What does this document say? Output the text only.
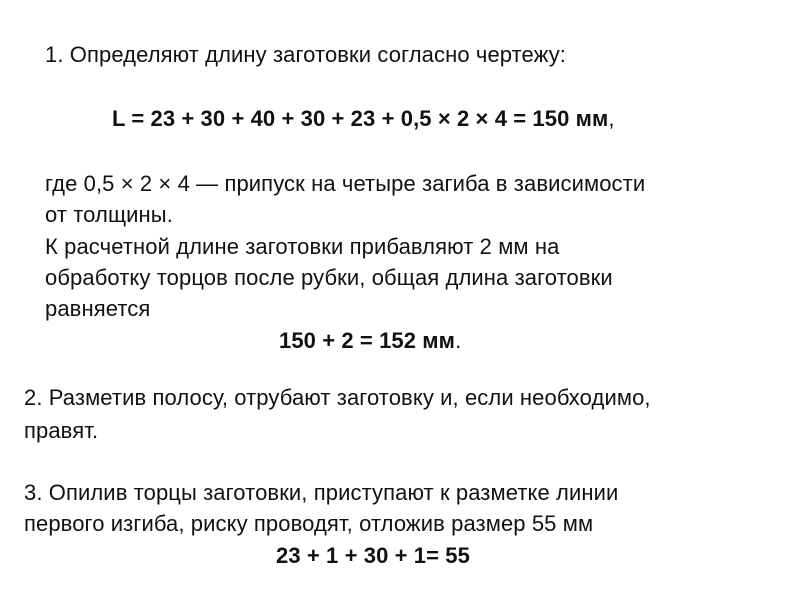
1. Определяют длину заготовки согласно чертежу:
L = 23 + 30 + 40 + 30 + 23 + 0,5 × 2 × 4 = 150 мм,
где 0,5 × 2 × 4 — припуск на четыре загиба в зависимости
от толщины.
К расчетной длине заготовки прибавляют 2 мм на
обработку торцов после рубки, общая длина заготовки
равняется
150 + 2 = 152 мм.
2. Разметив полосу, отрубают заготовку и, если необходимо,
правят.
3. Опилив торцы заготовки, приступают к разметке линии
первого изгиба, риску проводят, отложив размер 55 мм
23 + 1 + 30 + 1= 55
